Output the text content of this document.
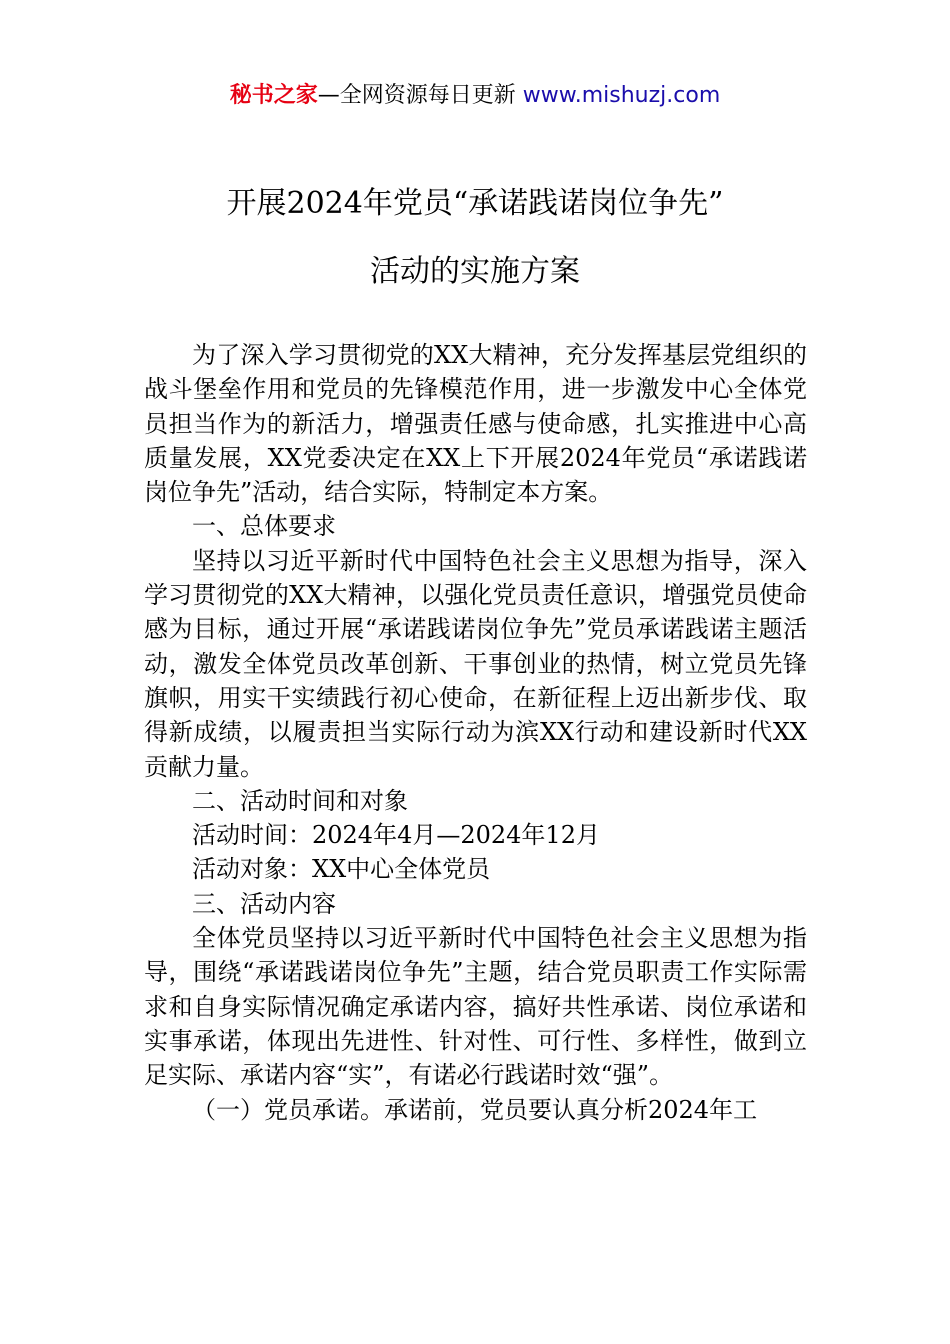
秘书之家—全网资源每日更新 www.mishuzj.com
开展2024年党员“承诺践诺岗位争先”
活动的实施方案

为了深入学习贯彻党的XX大精神，充分发挥基层党组织的战斗堡垒作用和党员的先锋模范作用，进一步激发中心全体党员担当作为的新活力，增强责任感与使命感，扎实推进中心高质量发展，XX党委决定在XX上下开展2024年党员“承诺践诺岗位争先”活动，结合实际，特制定本方案。

一、总体要求

坚持以习近平新时代中国特色社会主义思想为指导，深入学习贯彻党的XX大精神，以强化党员责任意识，增强党员使命感为目标，通过开展“承诺践诺岗位争先”党员承诺践诺主题活动，激发全体党员改革创新、干事创业的热情，树立党员先锋旗帜，用实干实绩践行初心使命，在新征程上迈出新步伐、取得新成绩，以履责担当实际行动为滨XX行动和建设新时代XX贡献力量。

二、活动时间和对象

活动时间：2024年4月—2024年12月

活动对象：XX中心全体党员

三、活动内容

全体党员坚持以习近平新时代中国特色社会主义思想为指导，围绕“承诺践诺岗位争先”主题，结合党员职责工作实际需求和自身实际情况确定承诺内容，搞好共性承诺、岗位承诺和实事承诺，体现出先进性、针对性、可行性、多样性，做到立足实际、承诺内容“实”，有诺必行践诺时效“强”。

（一）党员承诺。承诺前，党员要认真分析2024年工
